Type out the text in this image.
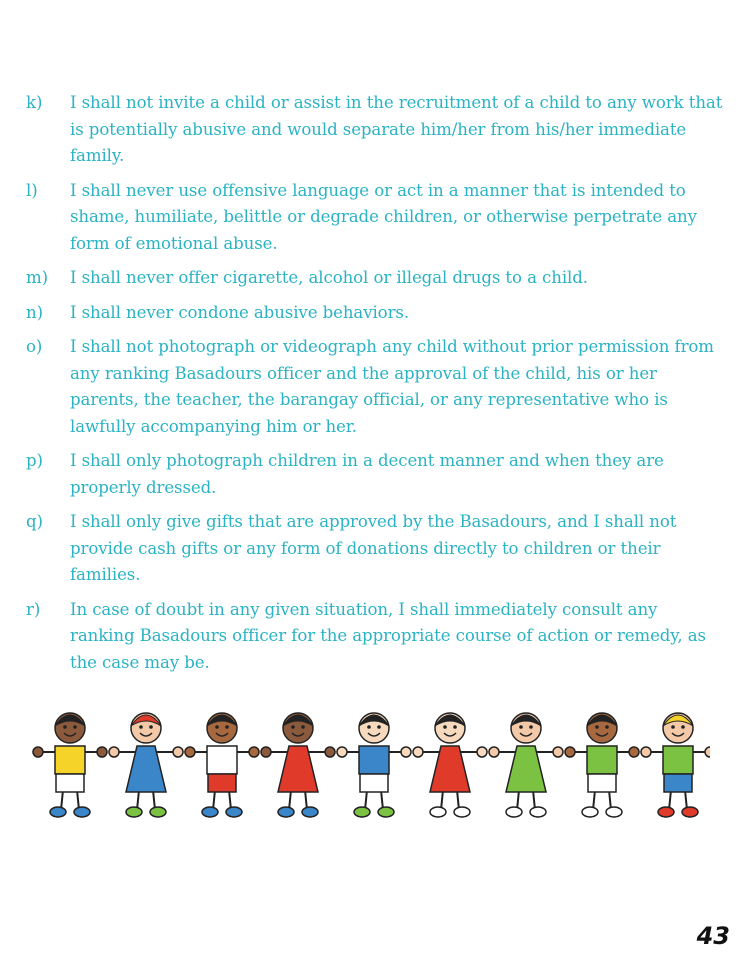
k)	I shall not invite a child or assist in the recruitment of a child to any work that is potentially abusive and would separate him/her from his/her immediate family.
l)	I shall never use offensive language or act in a manner that is intended to shame, humiliate, belittle or degrade children, or otherwise perpetrate any form of emotional abuse.
m)	I shall never offer cigarette, alcohol or illegal drugs to a child.
n)	I shall never condone abusive behaviors.
o)	I shall not photograph or videograph any child without prior permission from any ranking Basadours officer and the approval of the child, his or her parents, the teacher, the barangay official, or any representative who is lawfully accompanying him or her.
p)	I shall only photograph children in a decent manner and when they are properly dressed.
q)	I shall only give gifts that are approved by the Basadours, and I shall not provide cash gifts or any form of donations directly to children or their families.
r)	In case of doubt in any given situation, I shall immediately consult any ranking Basadours officer for the appropriate course of action or remedy, as the case may be.
43
